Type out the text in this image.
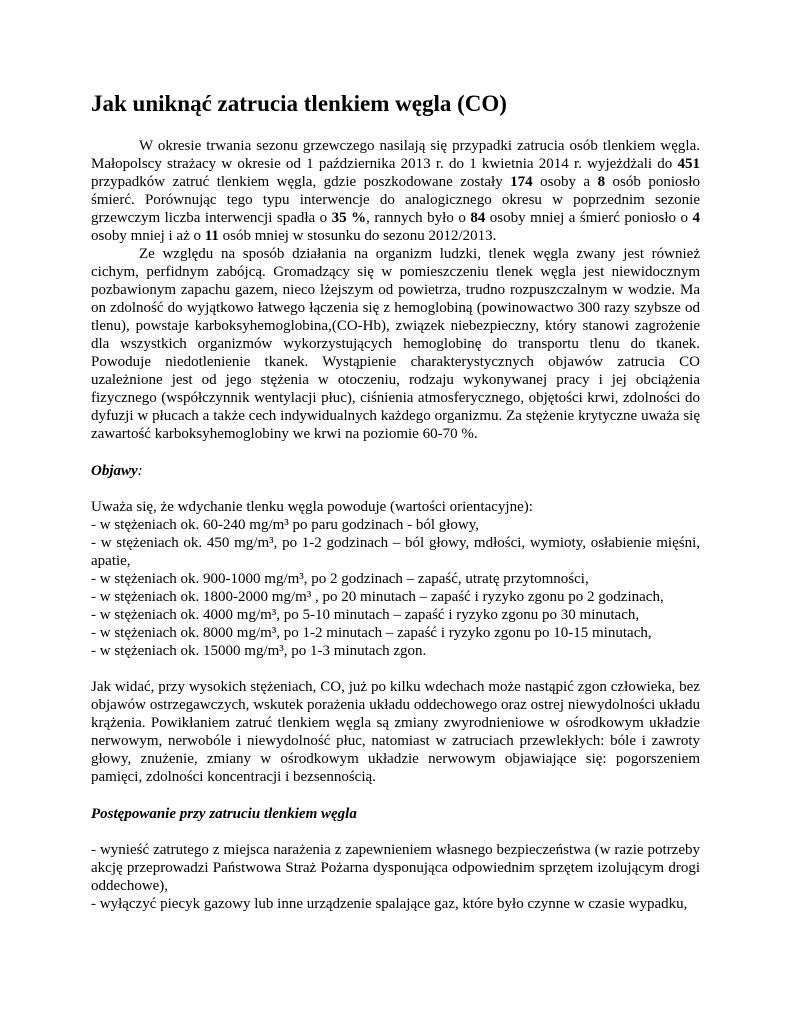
Jak uniknąć zatrucia tlenkiem węgla (CO)

W okresie trwania sezonu grzewczego nasilają się przypadki zatrucia osób tlenkiem węgla. Małopolscy strażacy w okresie od 1 października 2013 r. do 1 kwietnia 2014 r. wyjeżdżali do 451 przypadków zatruć tlenkiem węgla, gdzie poszkodowane zostały 174 osoby a 8 osób poniosło śmierć. Porównując tego typu interwencje do analogicznego okresu w poprzednim sezonie grzewczym liczba interwencji spadła o 35 %, rannych było o 84 osoby mniej a śmierć poniosło o 4 osoby mniej i aż o 11 osób mniej w stosunku do sezonu 2012/2013.

Ze względu na sposób działania na organizm ludzki, tlenek węgla zwany jest również cichym, perfidnym zabójcą. Gromadzący się w pomieszczeniu tlenek węgla jest niewidocznym pozbawionym zapachu gazem, nieco lżejszym od powietrza, trudno rozpuszczalnym w wodzie. Ma on zdolność do wyjątkowo łatwego łączenia się z hemoglobiną (powinowactwo 300 razy szybsze od tlenu), powstaje karboksyhemoglobina,(CO-Hb), związek niebezpieczny, który stanowi zagrożenie dla wszystkich organizmów wykorzystujących hemoglobinę do transportu tlenu do tkanek. Powoduje niedotlenienie tkanek. Wystąpienie charakterystycznych objawów zatrucia CO uzależnione jest od jego stężenia w otoczeniu, rodzaju wykonywanej pracy i jej obciążenia fizycznego (współczynnik wentylacji płuc), ciśnienia atmosferycznego, objętości krwi, zdolności do dyfuzji w płucach a także cech indywidualnych każdego organizmu. Za stężenie krytyczne uważa się zawartość karboksyhemoglobiny we krwi na poziomie 60-70 %.

Objawy:

Uważa się, że wdychanie tlenku węgla powoduje (wartości orientacyjne):

- w stężeniach ok. 60-240 mg/m³ po paru godzinach - ból głowy,

- w stężeniach ok. 450 mg/m³, po 1-2 godzinach – ból głowy, mdłości, wymioty, osłabienie mięśni, apatie,

- w stężeniach ok. 900-1000 mg/m³, po 2 godzinach – zapaść, utratę przytomności,

- w stężeniach ok. 1800-2000 mg/m³ , po 20 minutach – zapaść i ryzyko zgonu po 2 godzinach,

- w stężeniach ok. 4000 mg/m³, po 5-10 minutach – zapaść i ryzyko zgonu po 30 minutach,

- w stężeniach ok. 8000 mg/m³, po 1-2 minutach – zapaść i ryzyko zgonu po 10-15 minutach,

- w stężeniach ok. 15000 mg/m³, po 1-3 minutach zgon.

Jak widać, przy wysokich stężeniach, CO, już po kilku wdechach może nastąpić zgon człowieka, bez objawów ostrzegawczych, wskutek porażenia układu oddechowego oraz ostrej niewydolności układu krążenia. Powikłaniem zatruć tlenkiem węgla są zmiany zwyrodnieniowe w ośrodkowym układzie nerwowym, nerwobóle i niewydolność płuc, natomiast w zatruciach przewlekłych: bóle i zawroty głowy, znużenie, zmiany w ośrodkowym układzie nerwowym objawiające się: pogorszeniem pamięci, zdolności koncentracji i bezsennością.

Postępowanie przy zatruciu tlenkiem węgla

- wynieść zatrutego z miejsca narażenia z zapewnieniem własnego bezpieczeństwa (w razie potrzeby akcję przeprowadzi Państwowa Straż Pożarna dysponująca odpowiednim sprzętem izolującym drogi oddechowe),

- wyłączyć piecyk gazowy lub inne urządzenie spalające gaz, które było czynne w czasie wypadku,
